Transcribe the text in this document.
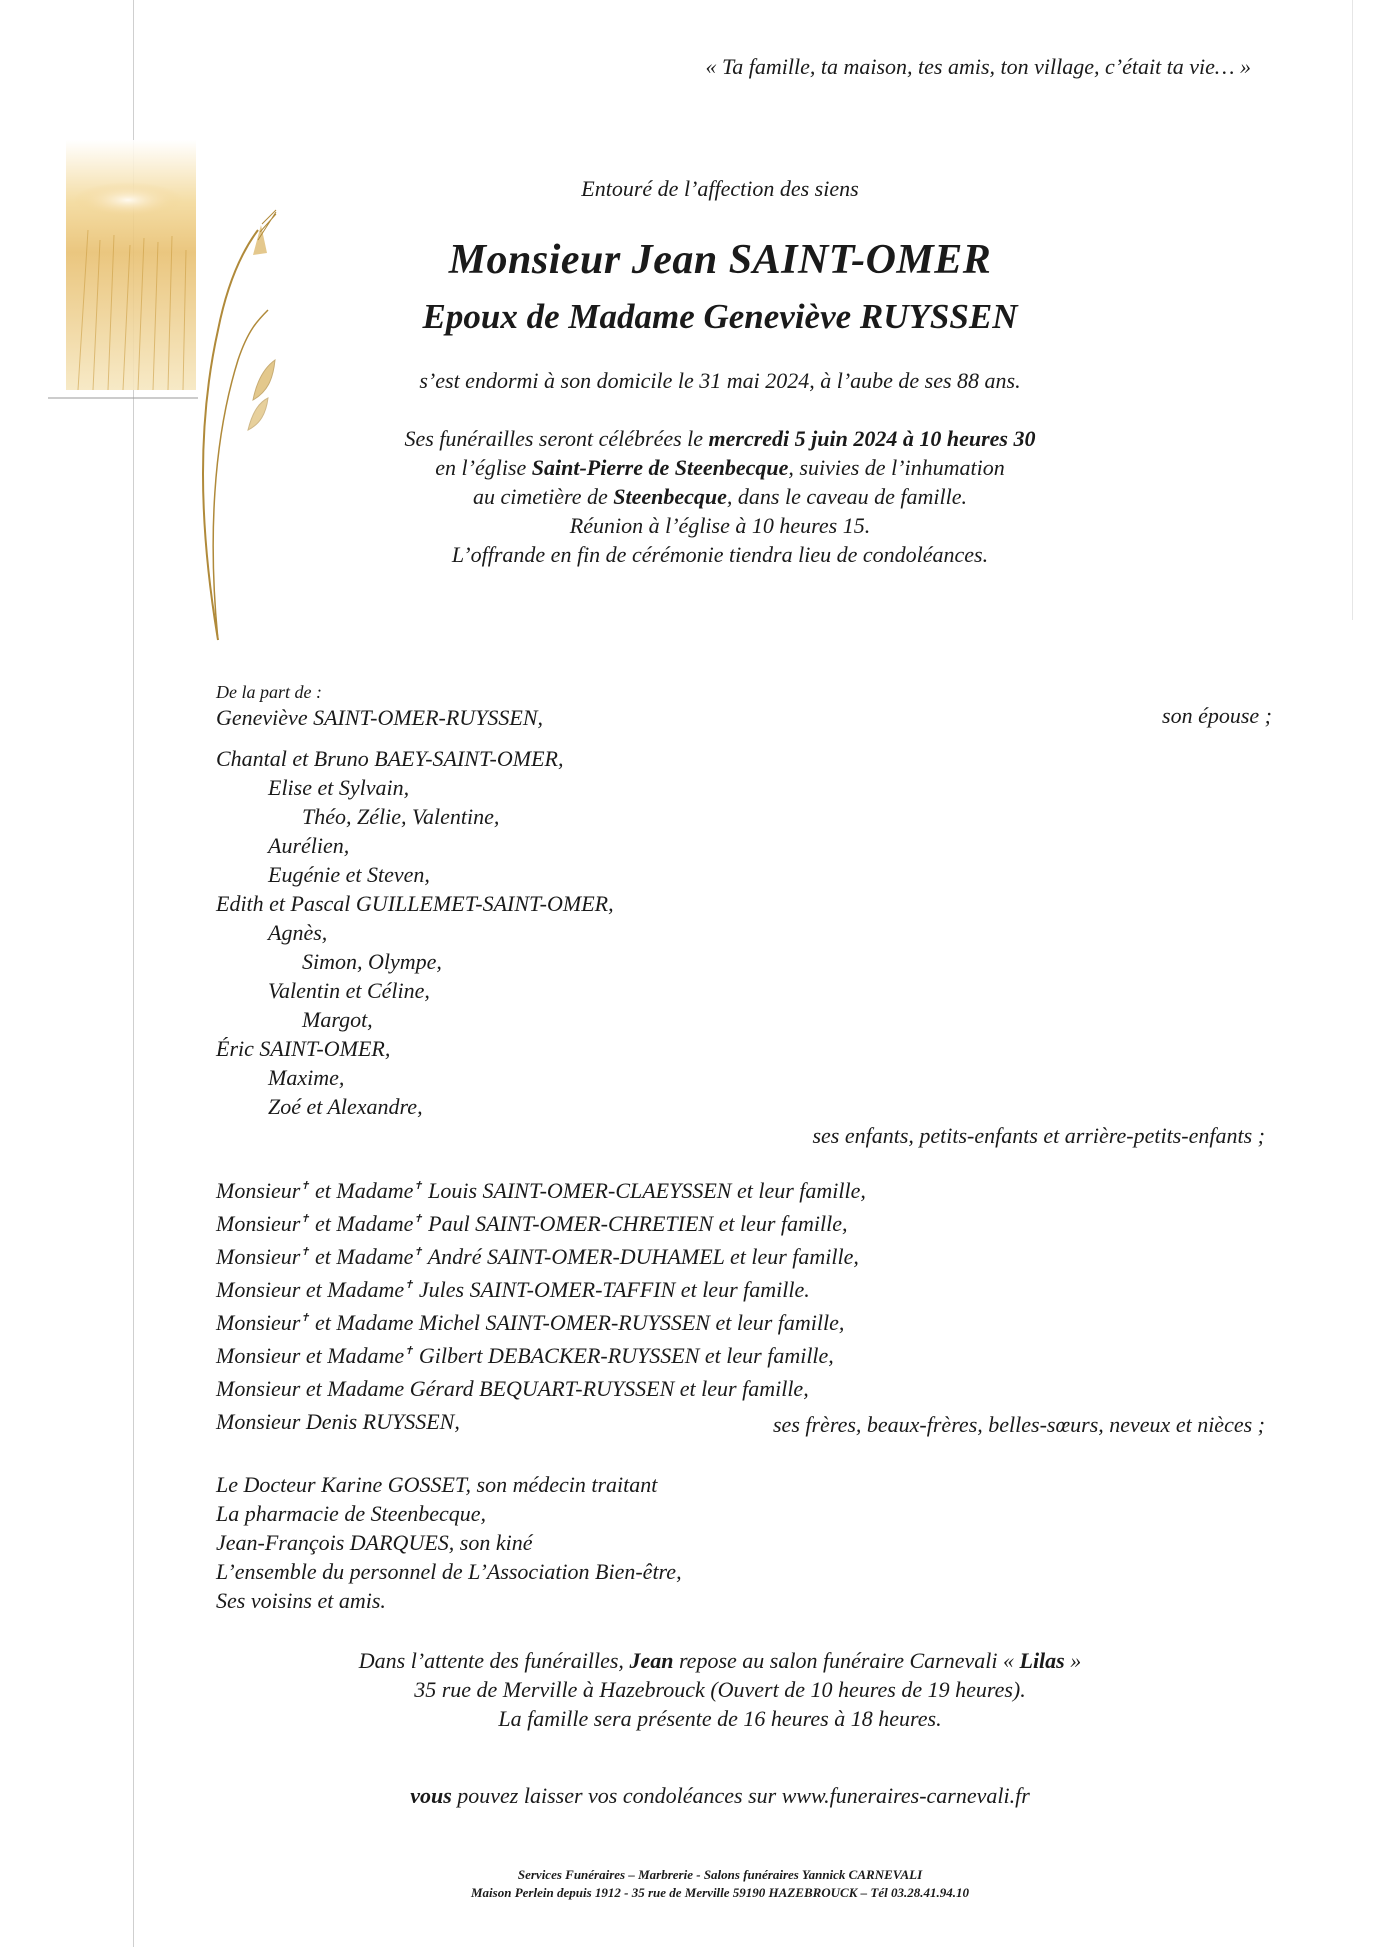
« Ta famille, ta maison, tes amis, ton village, c’était ta vie… »
Entouré de l’affection des siens
Monsieur Jean SAINT-OMER
Epoux de Madame Geneviève RUYSSEN
s’est endormi à son domicile le 31 mai 2024, à l’aube de ses 88 ans.
Ses funérailles seront célébrées le mercredi 5 juin 2024 à 10 heures 30
en l’église Saint-Pierre de Steenbecque, suivies de l’inhumation
au cimetière de Steenbecque, dans le caveau de famille.
Réunion à l’église à 10 heures 15.
L’offrande en fin de cérémonie tiendra lieu de condoléances.
De la part de :
Geneviève SAINT-OMER-RUYSSEN,	son épouse ;
Chantal et Bruno BAEY-SAINT-OMER,
Elise et Sylvain,
Théo, Zélie, Valentine,
Aurélien,
Eugénie et Steven,
Edith et Pascal GUILLEMET-SAINT-OMER,
Agnès,
Simon, Olympe,
Valentin et Céline,
Margot,
Éric SAINT-OMER,
Maxime,
Zoé et Alexandre,
ses enfants, petits-enfants et arrière-petits-enfants ;
Monsieur✝ et Madame✝ Louis SAINT-OMER-CLAEYSSEN et leur famille,
Monsieur✝ et Madame✝ Paul SAINT-OMER-CHRETIEN et leur famille,
Monsieur✝ et Madame✝ André SAINT-OMER-DUHAMEL et leur famille,
Monsieur et Madame✝ Jules SAINT-OMER-TAFFIN et leur famille.
Monsieur✝ et Madame Michel SAINT-OMER-RUYSSEN et leur famille,
Monsieur et Madame✝ Gilbert DEBACKER-RUYSSEN et leur famille,
Monsieur et Madame Gérard BEQUART-RUYSSEN et leur famille,
Monsieur Denis RUYSSEN,	ses frères, beaux-frères, belles-sœurs, neveux et nièces ;
Le Docteur Karine GOSSET, son médecin traitant
La pharmacie de Steenbecque,
Jean-François DARQUES, son kiné
L’ensemble du personnel de L’Association Bien-être,
Ses voisins et amis.
Dans l’attente des funérailles, Jean repose au salon funéraire Carnevali « Lilas »
35 rue de Merville à Hazebrouck (Ouvert de 10 heures de 19 heures).
La famille sera présente de 16 heures à 18 heures.
vous pouvez laisser vos condoléances sur www.funeraires-carnevali.fr
Services Funéraires – Marbrerie - Salons funéraires Yannick CARNEVALI
Maison Perlein depuis 1912 - 35 rue de Merville 59190 HAZEBROUCK – Tél 03.28.41.94.10
